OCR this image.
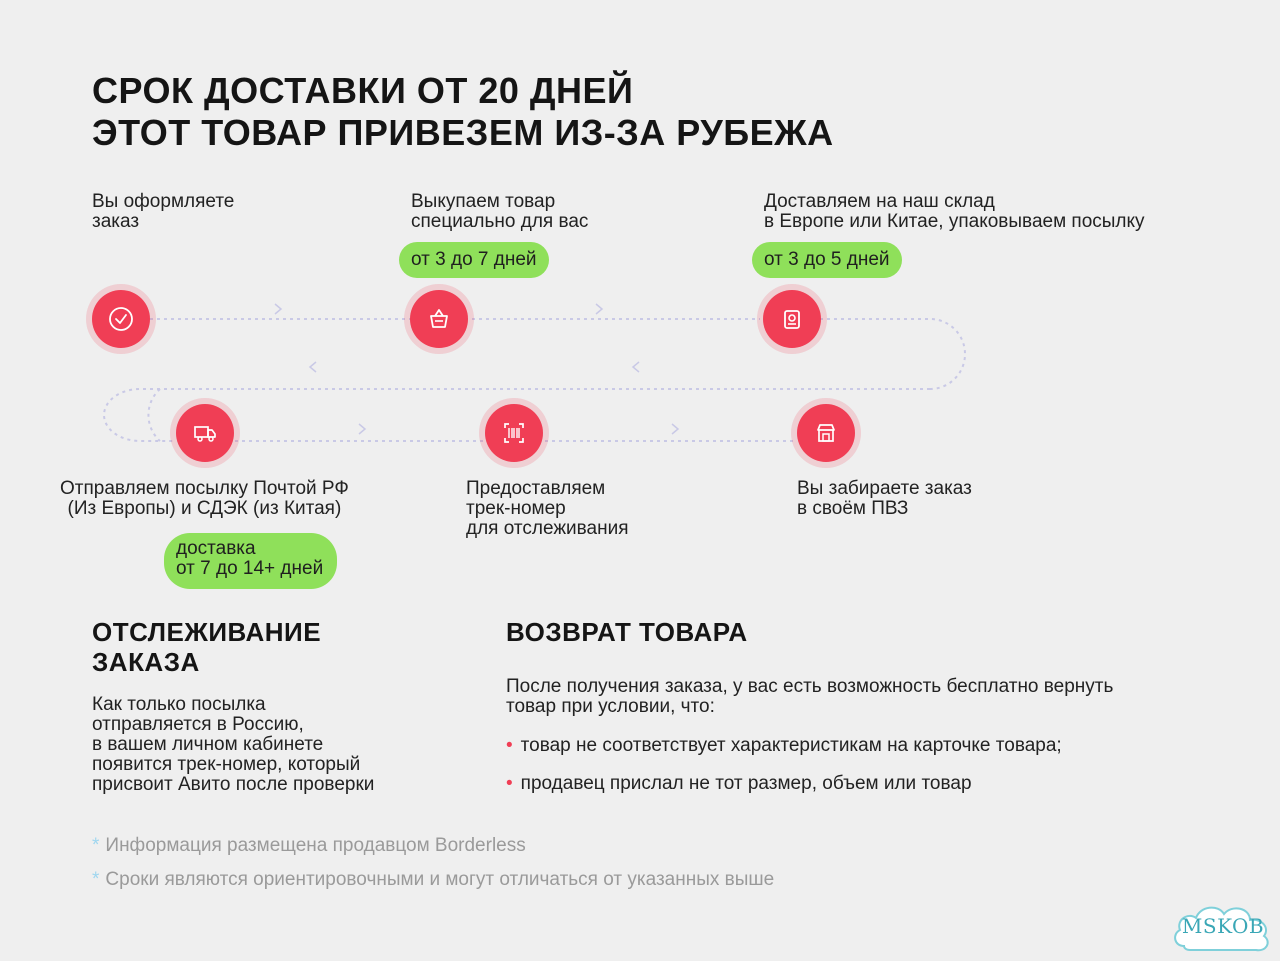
СРОК ДОСТАВКИ ОТ 20 ДНЕЙ
ЭТОТ ТОВАР ПРИВЕЗЕМ ИЗ-ЗА РУБЕЖА
Вы оформляете
заказ
Выкупаем товар
специально для вас
от 3 до 7 дней
Доставляем на наш склад
в Европе или Китае, упаковываем посылку
от 3 до 5 дней
Отправляем посылку Почтой РФ
(Из Европы) и СДЭК (из Китая)
доставка
от 7 до 14+ дней
Предоставляем
трек-номер
для отслеживания
Вы забираете заказ
в своём ПВЗ
ОТСЛЕЖИВАНИЕ
ЗАКАЗА
Как только посылка
отправляется в Россию,
в вашем личном кабинете
появится трек-номер, который
присвоит Авито после проверки
ВОЗВРАТ ТОВАРА
После получения заказа, у вас есть возможность бесплатно вернуть
товар при условии, что:
• товар не соответствует характеристикам на карточке товара;
• продавец прислал не тот размер, объем или товар
* Информация размещена продавцом Borderless
* Сроки являются ориентировочными и могут отличаться от указанных выше
MSKOB
